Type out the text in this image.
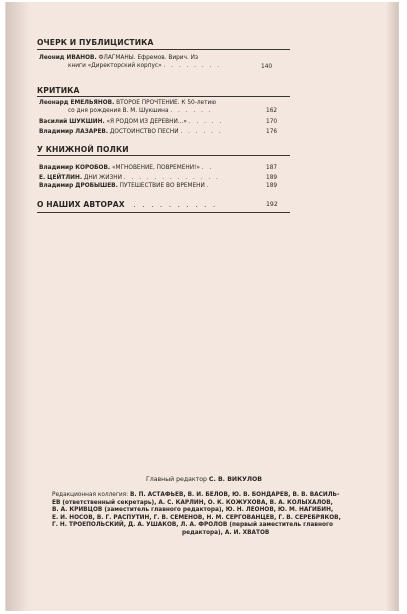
ОЧЕРК И ПУБЛИЦИСТИКА
Леонид ИВАНОВ. ФЛАГМАНЫ. Ефремов. Вирич. Из
книги «Директорский корпус» . . . . . . . .	140
КРИТИКА
Леонард ЕМЕЛЬЯНОВ. ВТОРОЕ ПРОЧТЕНИЕ. К 50-летию
со дня рождения В. М. Шукшина . . . . . .	162
Василий ШУКШИН. «Я РОДОМ ИЗ ДЕРЕВНИ...» . . . . .	170
Владимир ЛАЗАРЕВ. ДОСТОИНСТВО ПЕСНИ . . . . . .	176
У КНИЖНОЙ ПОЛКИ
Владимир КОРОБОВ. «МГНОВЕНИЕ, ПОВРЕМЕНИ!» . .	187
Е. ЦЕЙТЛИН. ДНИ ЖИЗНИ . . . . . . . . . . . . .	189
Владимир ДРОБЫШЕВ. ПУТЕШЕСТВИЕ ВО ВРЕМЕНИ .	189
О НАШИХ АВТОРАХ . . . . . . . . . .	192
Главный редактор С. В. ВИКУЛОВ
Редакционная коллегия: В. П. АСТАФЬЕВ, В. И. БЕЛОВ, Ю. В. БОНДАРЕВ, В. В. ВАСИЛЬ-
ЕВ (ответственный секретарь), А. С. КАРЛИН, О. К. КОЖУХОВА, В. А. КОЛЫХАЛОВ,
В. А. КРИВЦОВ (заместитель главного редактора), Ю. Н. ЛЕОНОВ, Ю. М. НАГИБИН,
Е. И. НОСОВ, В. Г. РАСПУТИН, Г. В. СЕМЕНОВ, Н. М. СЕРГОВАНЦЕВ, Г. В. СЕРЕБРЯКОВ,
Г. Н. ТРОЕПОЛЬСКИЙ, Д. А. УШАКОВ, Л. А. ФРОЛОВ (первый заместитель главного
редактора), А. И. ХВАТОВ
